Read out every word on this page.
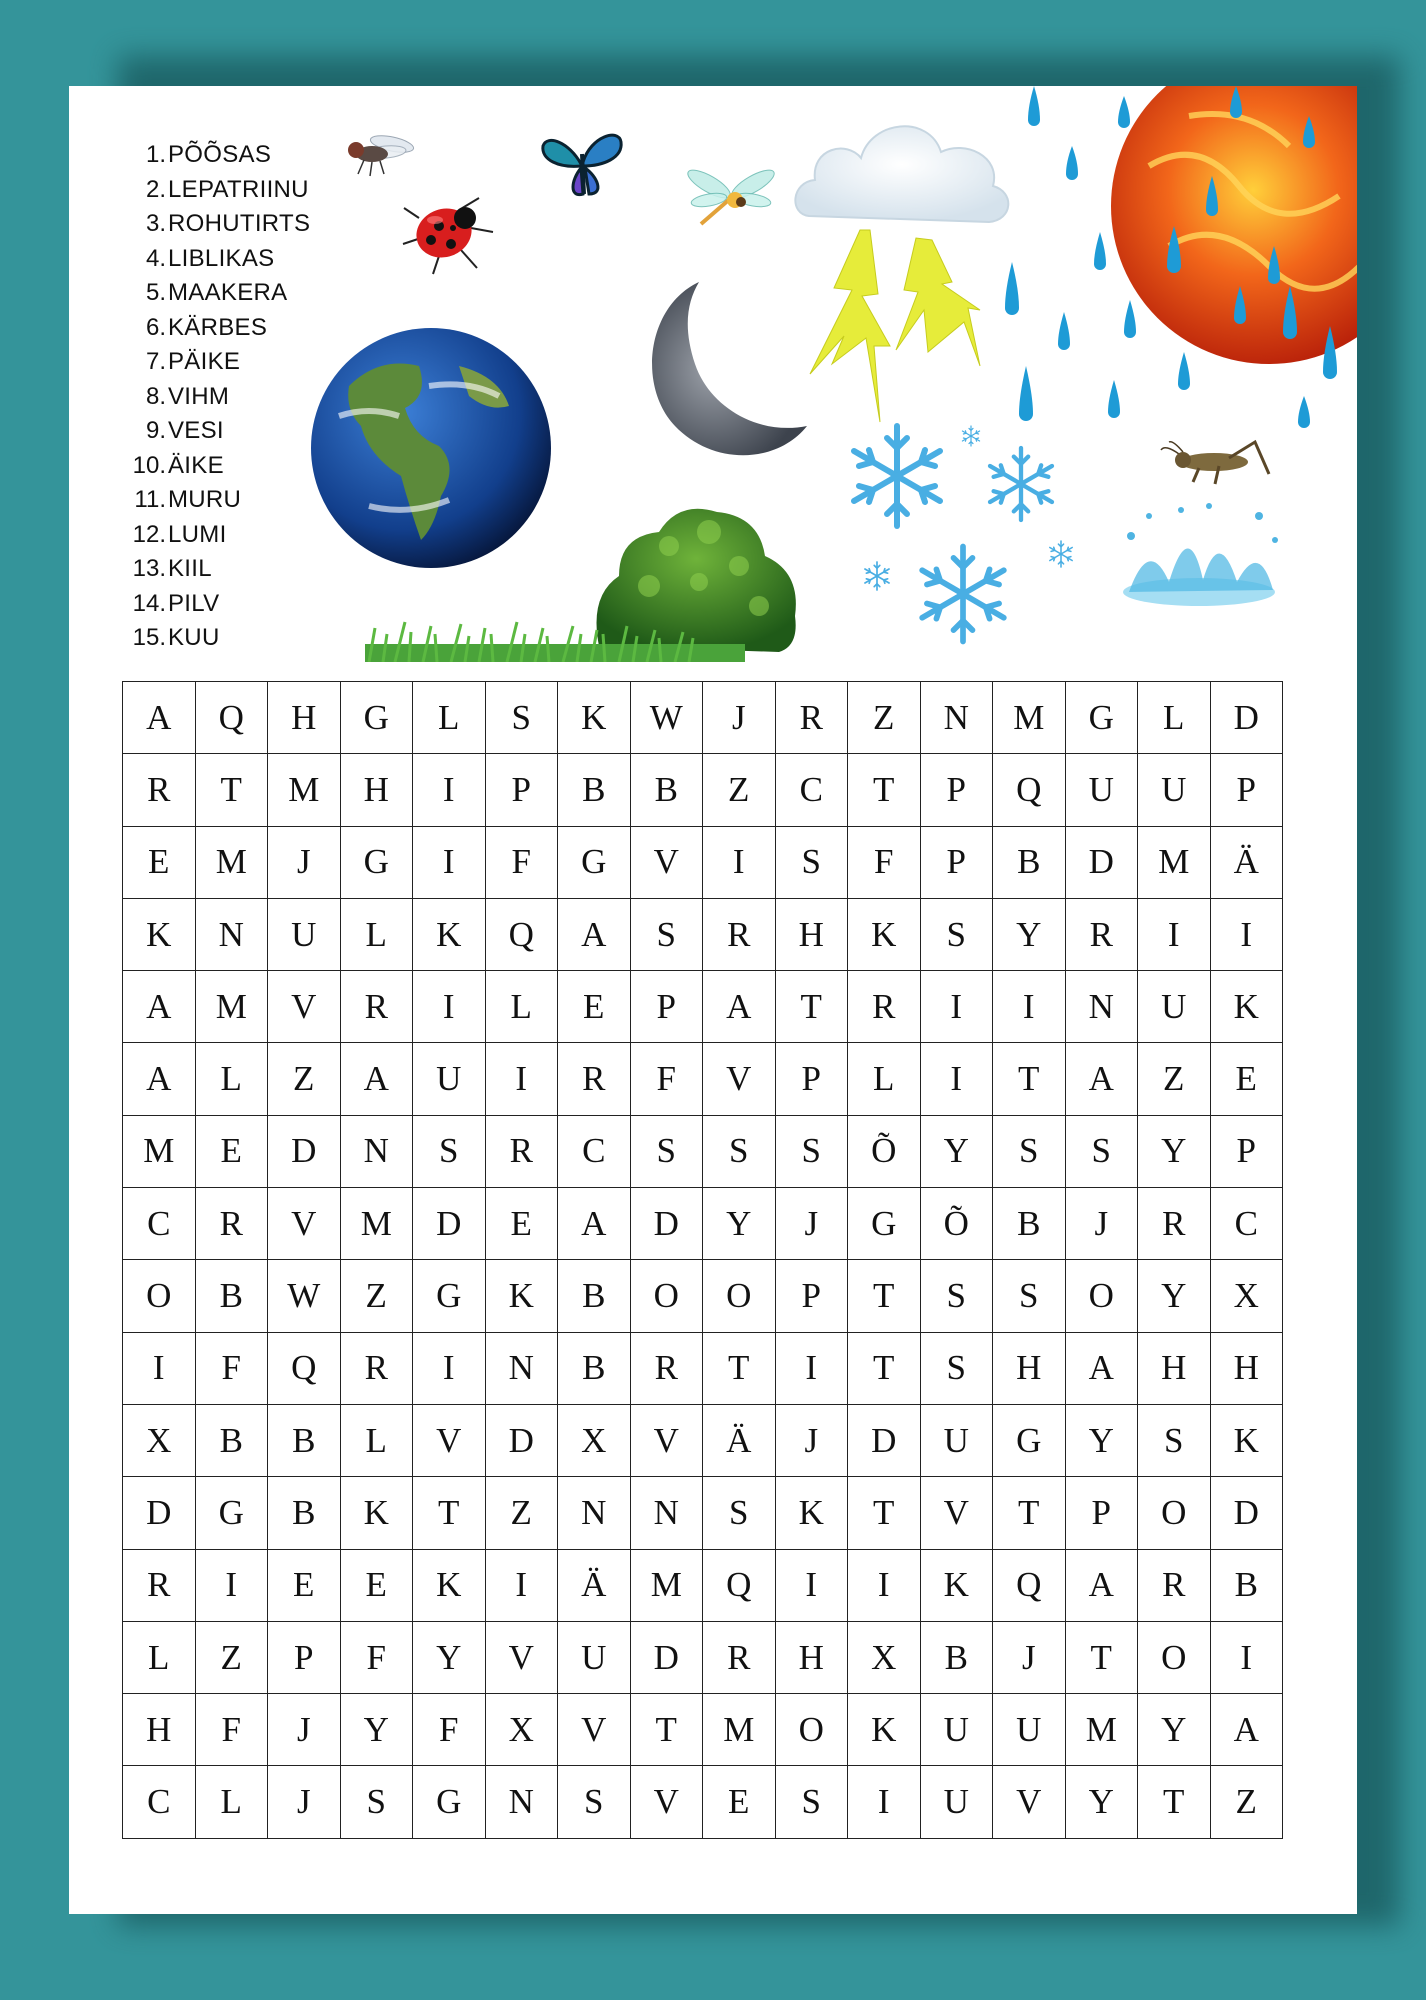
1. PÕÕSAS
2. LEPATRIINU
3. ROHUTIRTS
4. LIBLIKAS
5. MAAKERA
6. KÄRBES
7. PÄIKE
8. VIHM
9. VESI
10. ÄIKE
11. MURU
12. LUMI
13. KIIL
14. PILV
15. KUU
A	Q	H	G	L	S	K	W	J	R	Z	N	M	G	L	D
R	T	M	H	I	P	B	B	Z	C	T	P	Q	U	U	P
E	M	J	G	I	F	G	V	I	S	F	P	B	D	M	Ä
K	N	U	L	K	Q	A	S	R	H	K	S	Y	R	I	I
A	M	V	R	I	L	E	P	A	T	R	I	I	N	U	K
A	L	Z	A	U	I	R	F	V	P	L	I	T	A	Z	E
M	E	D	N	S	R	C	S	S	S	Õ	Y	S	S	Y	P
C	R	V	M	D	E	A	D	Y	J	G	Õ	B	J	R	C
O	B	W	Z	G	K	B	O	O	P	T	S	S	O	Y	X
I	F	Q	R	I	N	B	R	T	I	T	S	H	A	H	H
X	B	B	L	V	D	X	V	Ä	J	D	U	G	Y	S	K
D	G	B	K	T	Z	N	N	S	K	T	V	T	P	O	D
R	I	E	E	K	I	Ä	M	Q	I	I	K	Q	A	R	B
L	Z	P	F	Y	V	U	D	R	H	X	B	J	T	O	I
H	F	J	Y	F	X	V	T	M	O	K	U	U	M	Y	A
C	L	J	S	G	N	S	V	E	S	I	U	V	Y	T	Z
